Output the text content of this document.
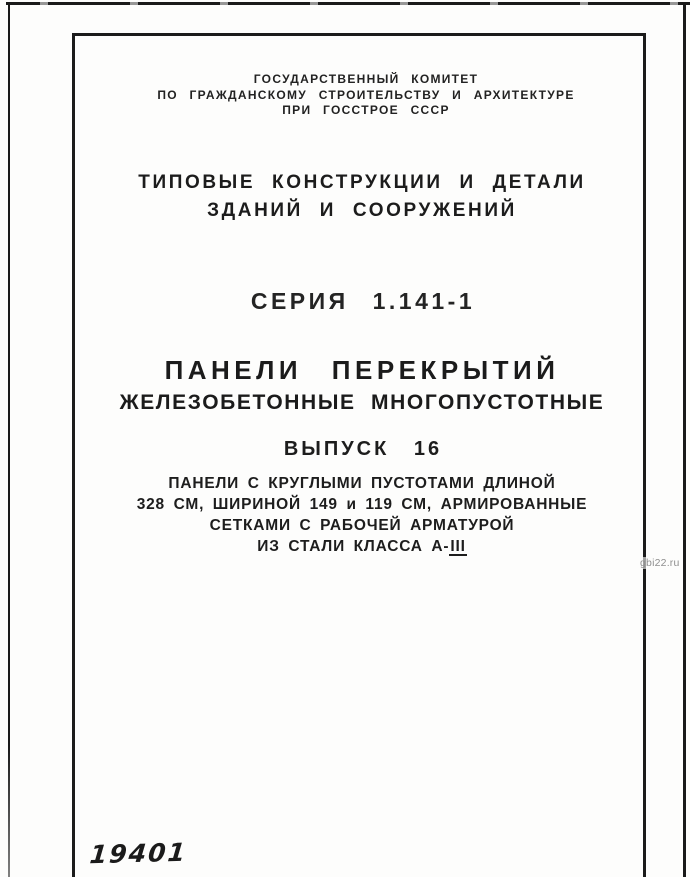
ГОСУДАРСТВЕННЫЙ КОМИТЕТ
ПО ГРАЖДАНСКОМУ СТРОИТЕЛЬСТВУ И АРХИТЕКТУРЕ
ПРИ ГОССТРОЕ СССР
ТИПОВЫЕ КОНСТРУКЦИИ И ДЕТАЛИ
ЗДАНИЙ И СООРУЖЕНИЙ
СЕРИЯ 1.141-1
ПАНЕЛИ ПЕРЕКРЫТИЙ
ЖЕЛЕЗОБЕТОННЫЕ МНОГОПУСТОТНЫЕ
ВЫПУСК 16
ПАНЕЛИ С КРУГЛЫМИ ПУСТОТАМИ ДЛИНОЙ
328 СМ, ШИРИНОЙ 149 и 119 СМ, АРМИРОВАННЫЕ
СЕТКАМИ С РАБОЧЕЙ АРМАТУРОЙ
ИЗ СТАЛИ КЛАССА А-III
gbi22.ru
19401
